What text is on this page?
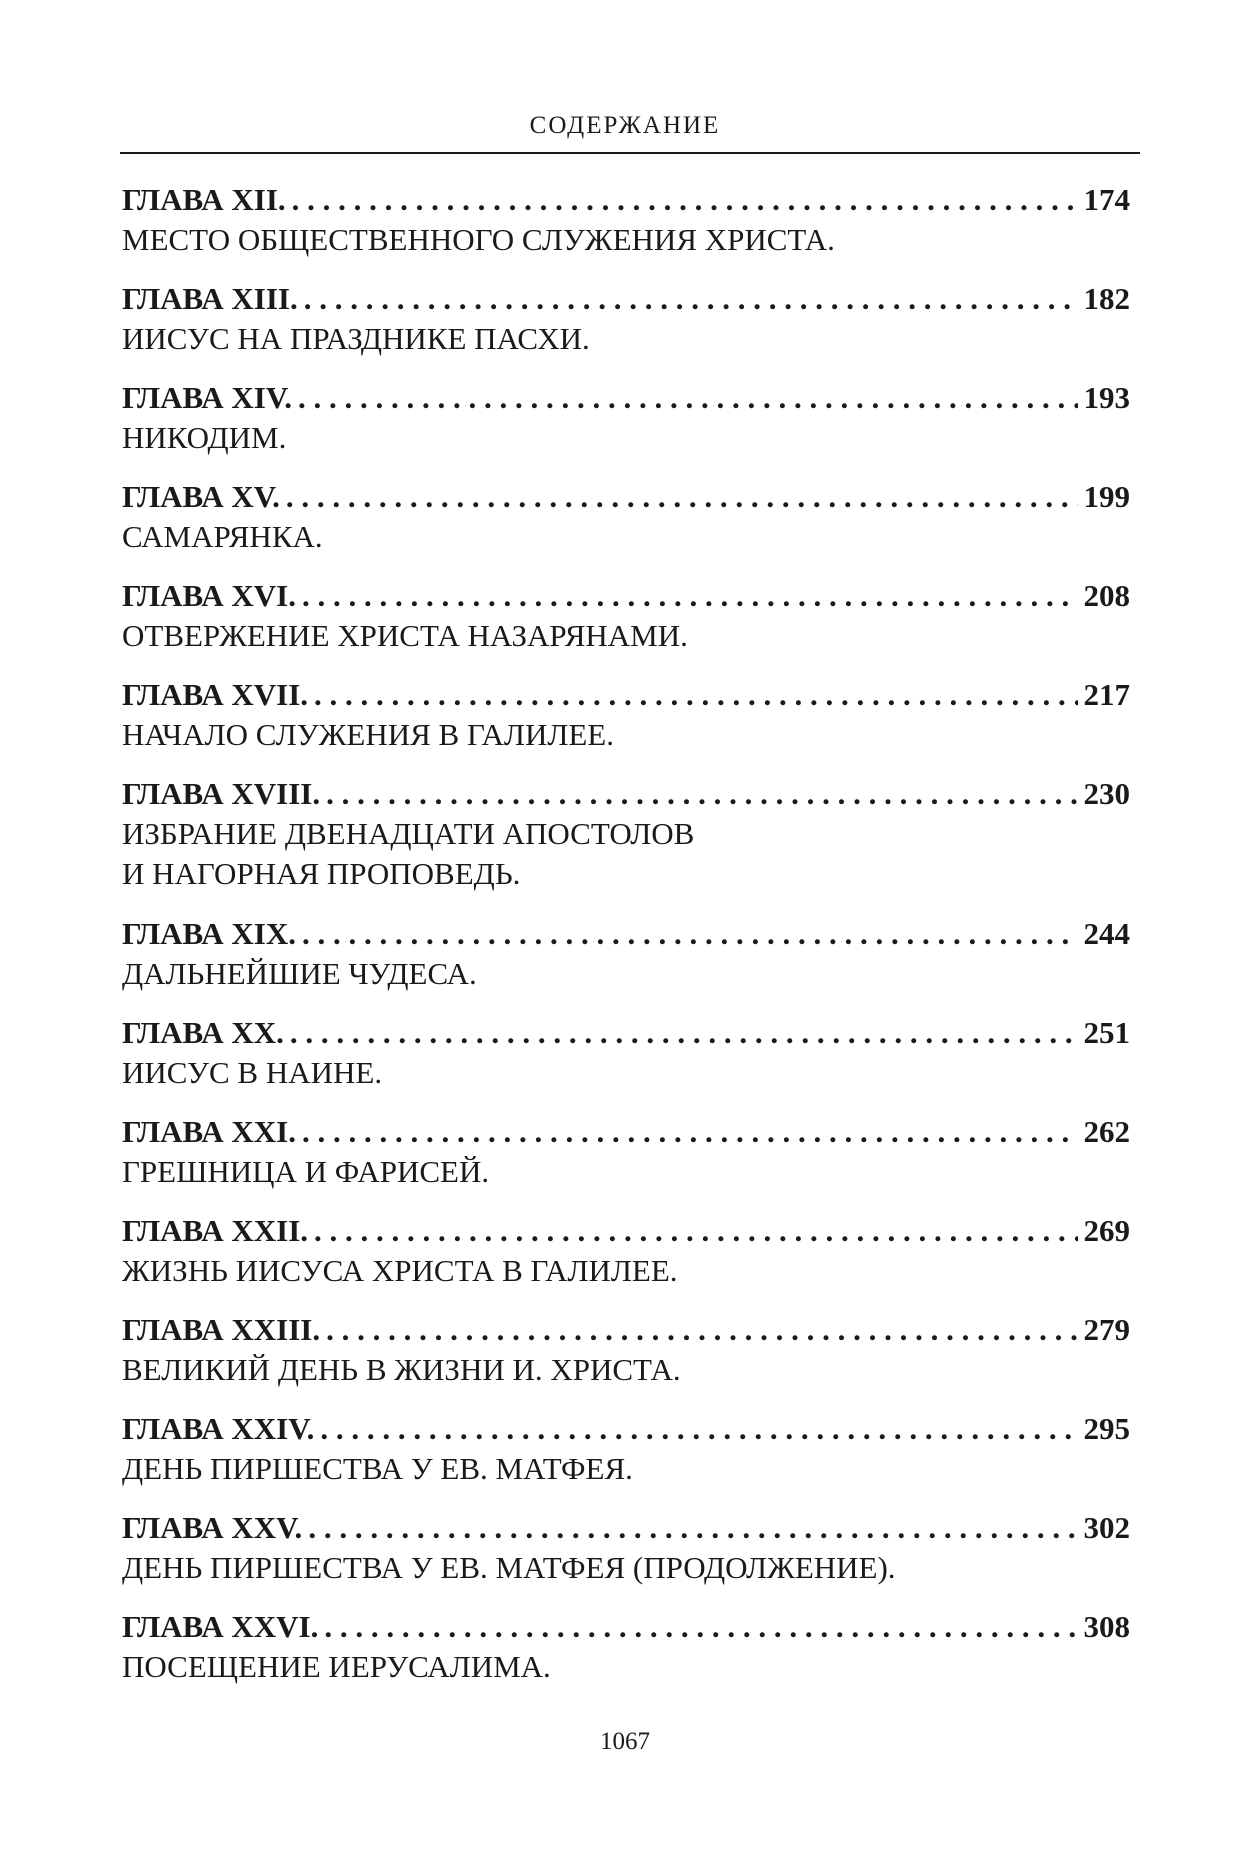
СОДЕРЖАНИЕ
ГЛАВА XII. . . .	174
МЕСТО ОБЩЕСТВЕННОГО СЛУЖЕНИЯ ХРИСТА.
ГЛАВА XIII. . . .	182
ИИСУС НА ПРАЗДНИКЕ ПАСХИ.
ГЛАВА XIV. . . .	193
НИКОДИМ.
ГЛАВА XV. . . .	199
САМАРЯНКА.
ГЛАВА XVI. . . .	208
ОТВЕРЖЕНИЕ ХРИСТА НАЗАРЯНАМИ.
ГЛАВА XVII. . . .	217
НАЧАЛО СЛУЖЕНИЯ В ГАЛИЛЕЕ.
ГЛАВА XVIII. . . .	230
ИЗБРАНИЕ ДВЕНАДЦАТИ АПОСТОЛОВ
И НАГОРНАЯ ПРОПОВЕДЬ.
ГЛАВА XIX. . . .	244
ДАЛЬНЕЙШИЕ ЧУДЕСА.
ГЛАВА XX. . . .	251
ИИСУС В НАИНЕ.
ГЛАВА XXI. . . .	262
ГРЕШНИЦА И ФАРИСЕЙ.
ГЛАВА XXII. . . .	269
ЖИЗНЬ ИИСУСА ХРИСТА В ГАЛИЛЕЕ.
ГЛАВА XXIII. . . .	279
ВЕЛИКИЙ ДЕНЬ В ЖИЗНИ И. ХРИСТА.
ГЛАВА XXIV. . . .	295
ДЕНЬ ПИРШЕСТВА У ЕВ. МАТФЕЯ.
ГЛАВА XXV. . . .	302
ДЕНЬ ПИРШЕСТВА У ЕВ. МАТФЕЯ (ПРОДОЛЖЕНИЕ).
ГЛАВА XXVI. . . .	308
ПОСЕЩЕНИЕ ИЕРУСАЛИМА.
1067
